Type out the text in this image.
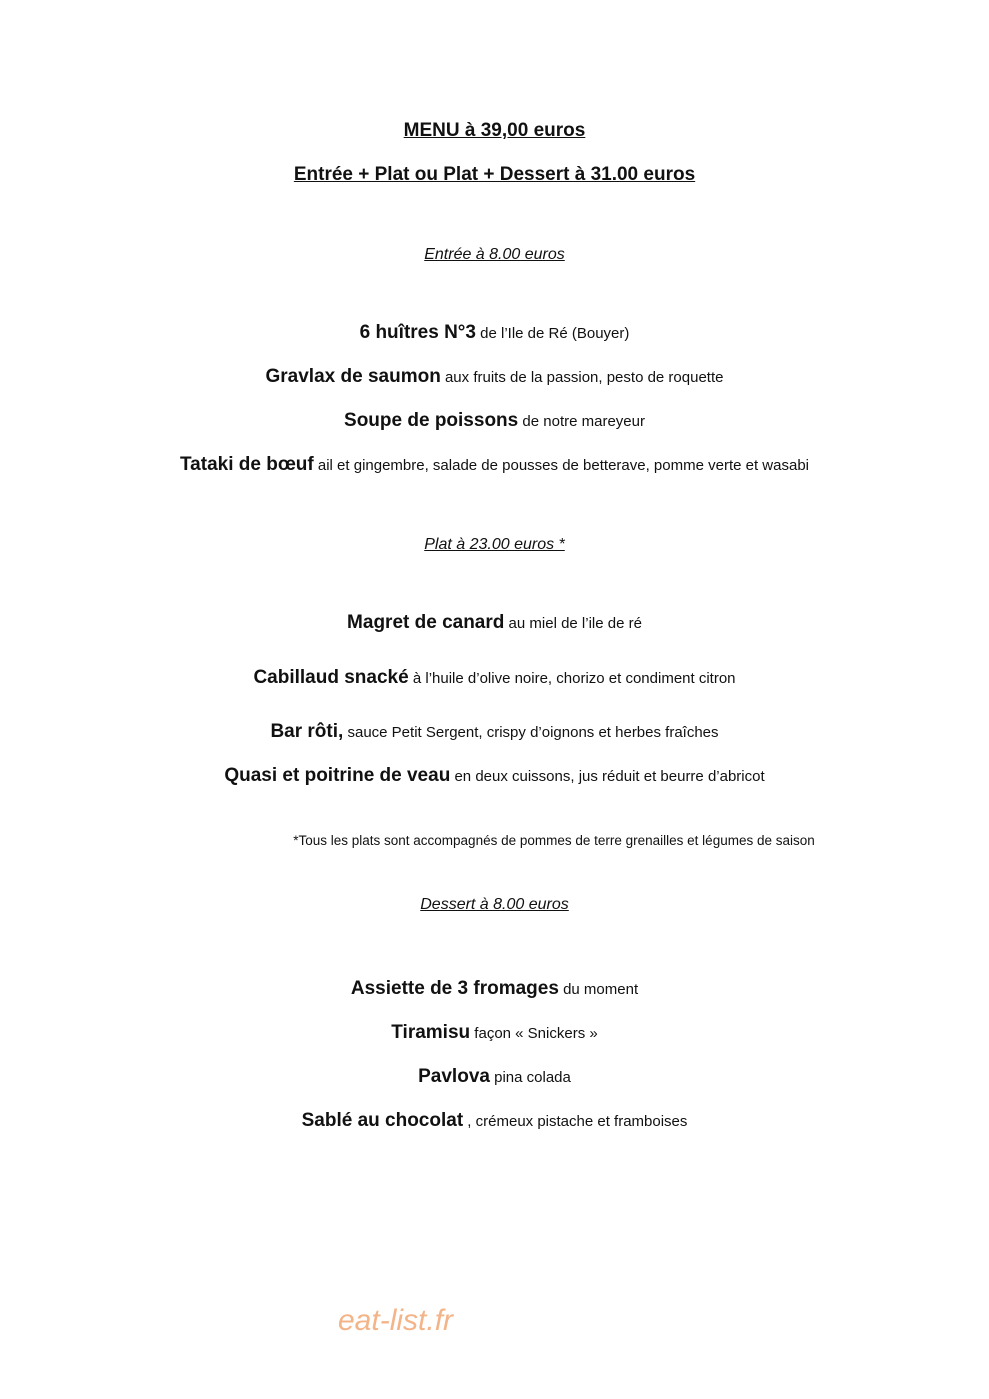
MENU à 39,00 euros
Entrée + Plat ou Plat + Dessert à 31.00 euros
Entrée à 8.00 euros
6 huîtres N°3 de l’Ile de Ré (Bouyer)
Gravlax de saumon aux fruits de la passion, pesto de roquette
Soupe de poissons de notre mareyeur
Tataki de bœuf ail et gingembre, salade de pousses de betterave, pomme verte et wasabi
Plat à 23.00 euros *
Magret de canard au miel de l’ile de ré
Cabillaud snacké à l’huile d’olive noire, chorizo et condiment citron
Bar rôti, sauce Petit Sergent, crispy d’oignons et herbes fraîches
Quasi et poitrine de veau en deux cuissons, jus réduit et beurre d’abricot
*Tous les plats sont accompagnés de pommes de terre grenailles et légumes de saison
Dessert à 8.00 euros
Assiette de 3 fromages du moment
Tiramisu façon « Snickers »
Pavlova pina colada
Sablé au chocolat , crémeux pistache et framboises
eat-list.fr
